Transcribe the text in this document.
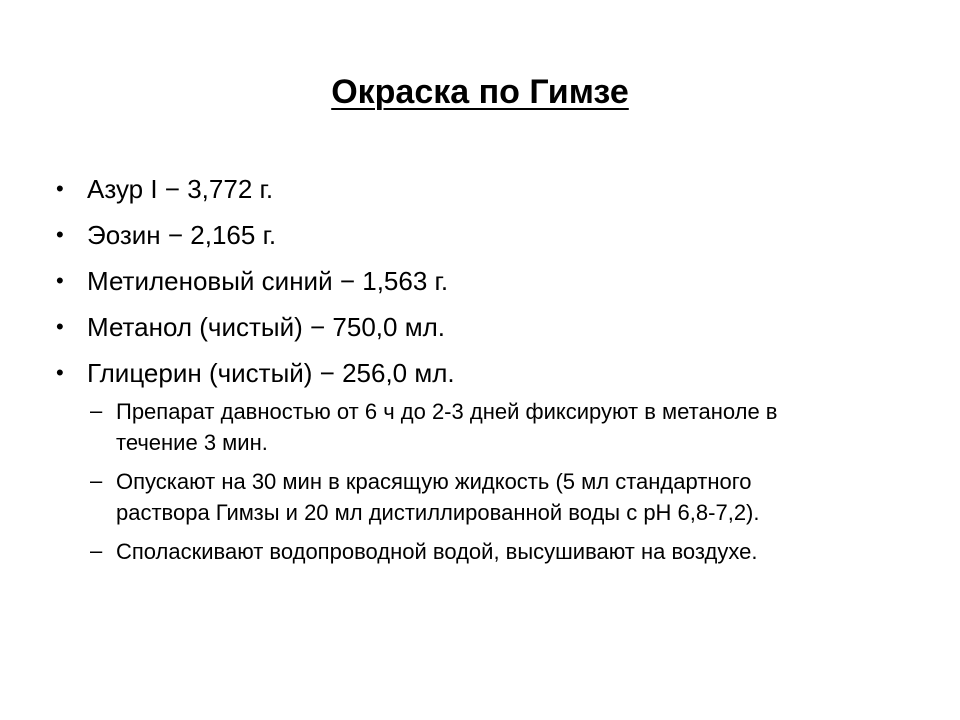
Окраска по Гимзе
• Азур I − 3,772 г.
• Эозин − 2,165 г.
• Метиленовый синий − 1,563 г.
• Метанол (чистый) − 750,0 мл.
• Глицерин (чистый) − 256,0 мл.
– Препарат давностью от 6 ч до 2-3 дней фиксируют в метаноле в течение 3 мин.
– Опускают на 30 мин в красящую жидкость (5 мл стандартного раствора Гимзы и 20 мл дистиллированной воды с pH 6,8-7,2).
– Споласкивают водопроводной водой, высушивают на воздухе.
